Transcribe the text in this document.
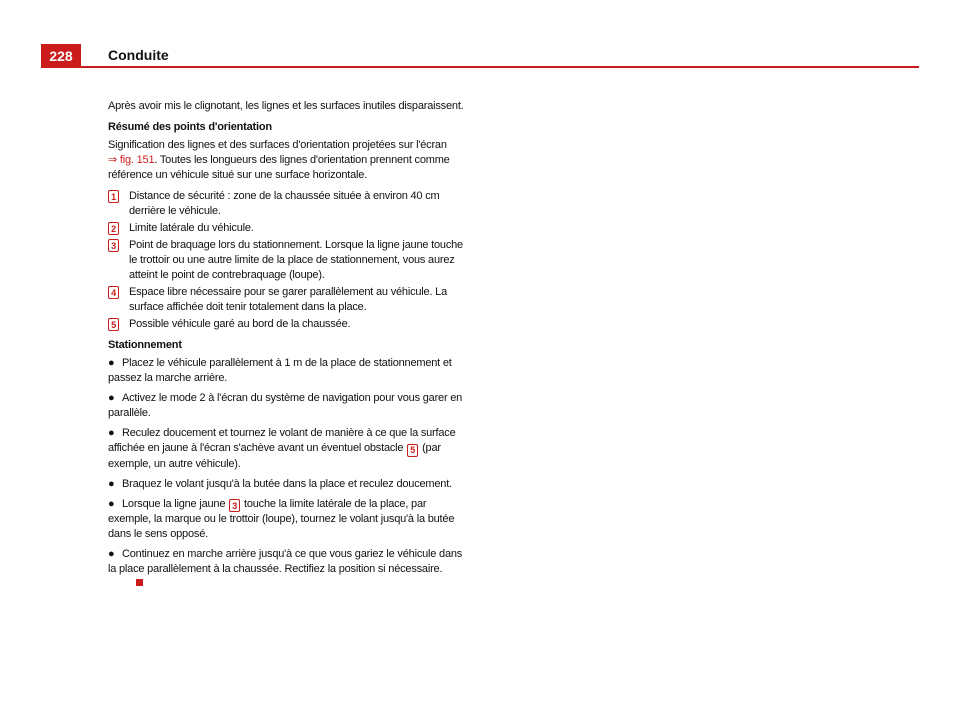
228	Conduite

Après avoir mis le clignotant, les lignes et les surfaces inutiles disparaissent.

Résumé des points d'orientation

Signification des lignes et des surfaces d'orientation projetées sur l'écran
⇒ fig. 151. Toutes les longueurs des lignes d'orientation prennent comme référence un véhicule situé sur une surface horizontale.

1 Distance de sécurité : zone de la chaussée située à environ 40 cm derrière le véhicule.
2 Limite latérale du véhicule.
3 Point de braquage lors du stationnement. Lorsque la ligne jaune touche le trottoir ou une autre limite de la place de stationnement, vous aurez atteint le point de contrebraquage (loupe).
4 Espace libre nécessaire pour se garer parallèlement au véhicule. La surface affichée doit tenir totalement dans la place.
5 Possible véhicule garé au bord de la chaussée.

Stationnement

● Placez le véhicule parallèlement à 1 m de la place de stationnement et passez la marche arrière.

● Activez le mode 2 à l'écran du système de navigation pour vous garer en parallèle.

● Reculez doucement et tournez le volant de manière à ce que la surface affichée en jaune à l'écran s'achève avant un éventuel obstacle 5 (par exemple, un autre véhicule).

● Braquez le volant jusqu'à la butée dans la place et reculez doucement.

● Lorsque la ligne jaune 3 touche la limite latérale de la place, par exemple, la marque ou le trottoir (loupe), tournez le volant jusqu'à la butée dans le sens opposé.

● Continuez en marche arrière jusqu'à ce que vous gariez le véhicule dans la place parallèlement à la chaussée. Rectifiez la position si nécessaire.
